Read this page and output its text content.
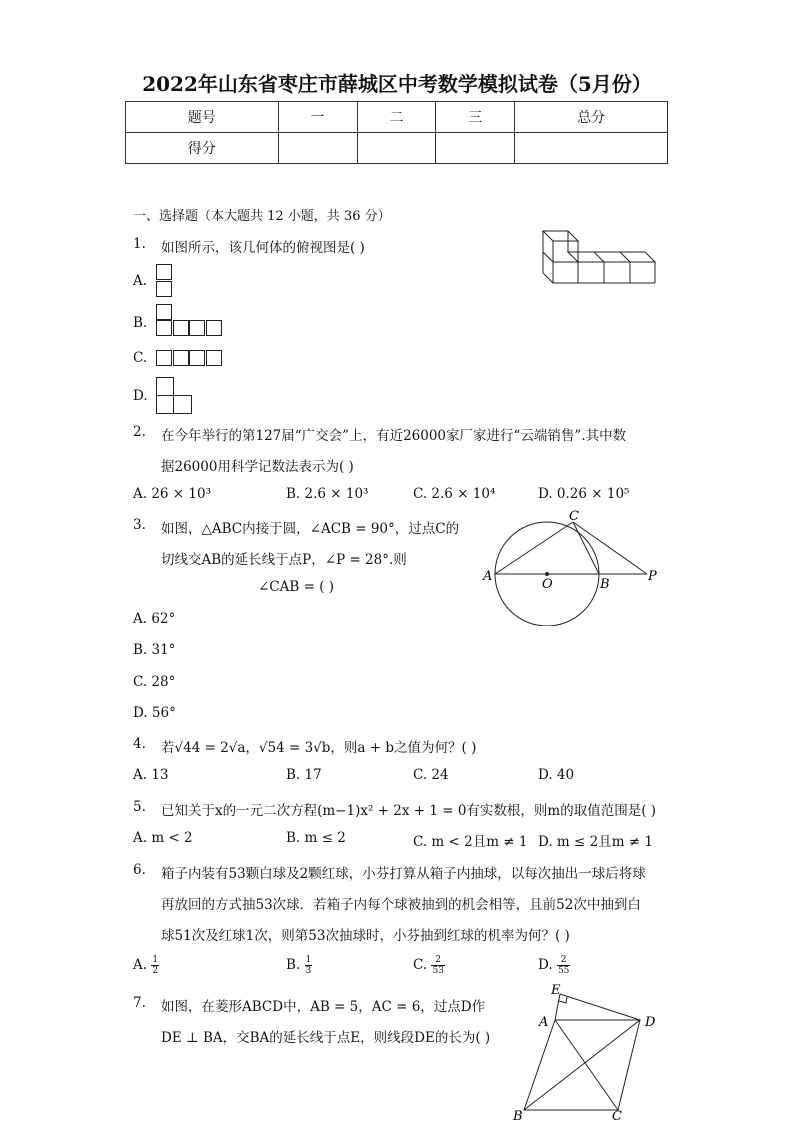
2022年山东省枣庄市薛城区中考数学模拟试卷（5月份）
题号	一	二	三	总分
得分				
一、选择题（本大题共 12 小题，共 36 分）
1. 如图所示，该几何体的俯视图是( )
A.
B.
C.
D.
2. 在今年举行的第127届“广交会”上，有近26000家厂家进行“云端销售”.其中数
据26000用科学记数法表示为( )
A. 26 × 10³	B. 2.6 × 10³	C. 2.6 × 10⁴	D. 0.26 × 10⁵
3. 如图，△ABC内接于圆，∠ACB = 90°，过点C的
切线交AB的延长线于点P，∠P = 28°.则
∠CAB = ( )
A
O	B
P
C
A. 62°
B. 31°
C. 28°
D. 56°
4. 若√44 = 2√a，√54 = 3√b，则a + b之值为何？( )
A. 13	B. 17	C. 24	D. 40
5. 已知关于x的一元二次方程(m−1)x² + 2x + 1 = 0有实数根，则m的取值范围是( )
A. m < 2	B. m ≤ 2	C. m < 2且m ≠ 1 D. m ≤ 2且m ≠ 1
6. 箱子内装有53颗白球及2颗红球，小芬打算从箱子内抽球，以每次抽出一球后将球
再放回的方式抽53次球．若箱子内每个球被抽到的机会相等，且前52次中抽到白
球51次及红球1次，则第53次抽球时，小芬抽到红球的机率为何？( )
A. $\frac{1}{2}$	B. $\frac{1}{3}$	C. $\frac{2}{53}$	D. $\frac{2}{55}$
7. 如图，在菱形ABCD中，AB = 5，AC = 6，过点D作
DE ⊥ BA，交BA的延长线于点E，则线段DE的长为( )
E
A	D
B	C
